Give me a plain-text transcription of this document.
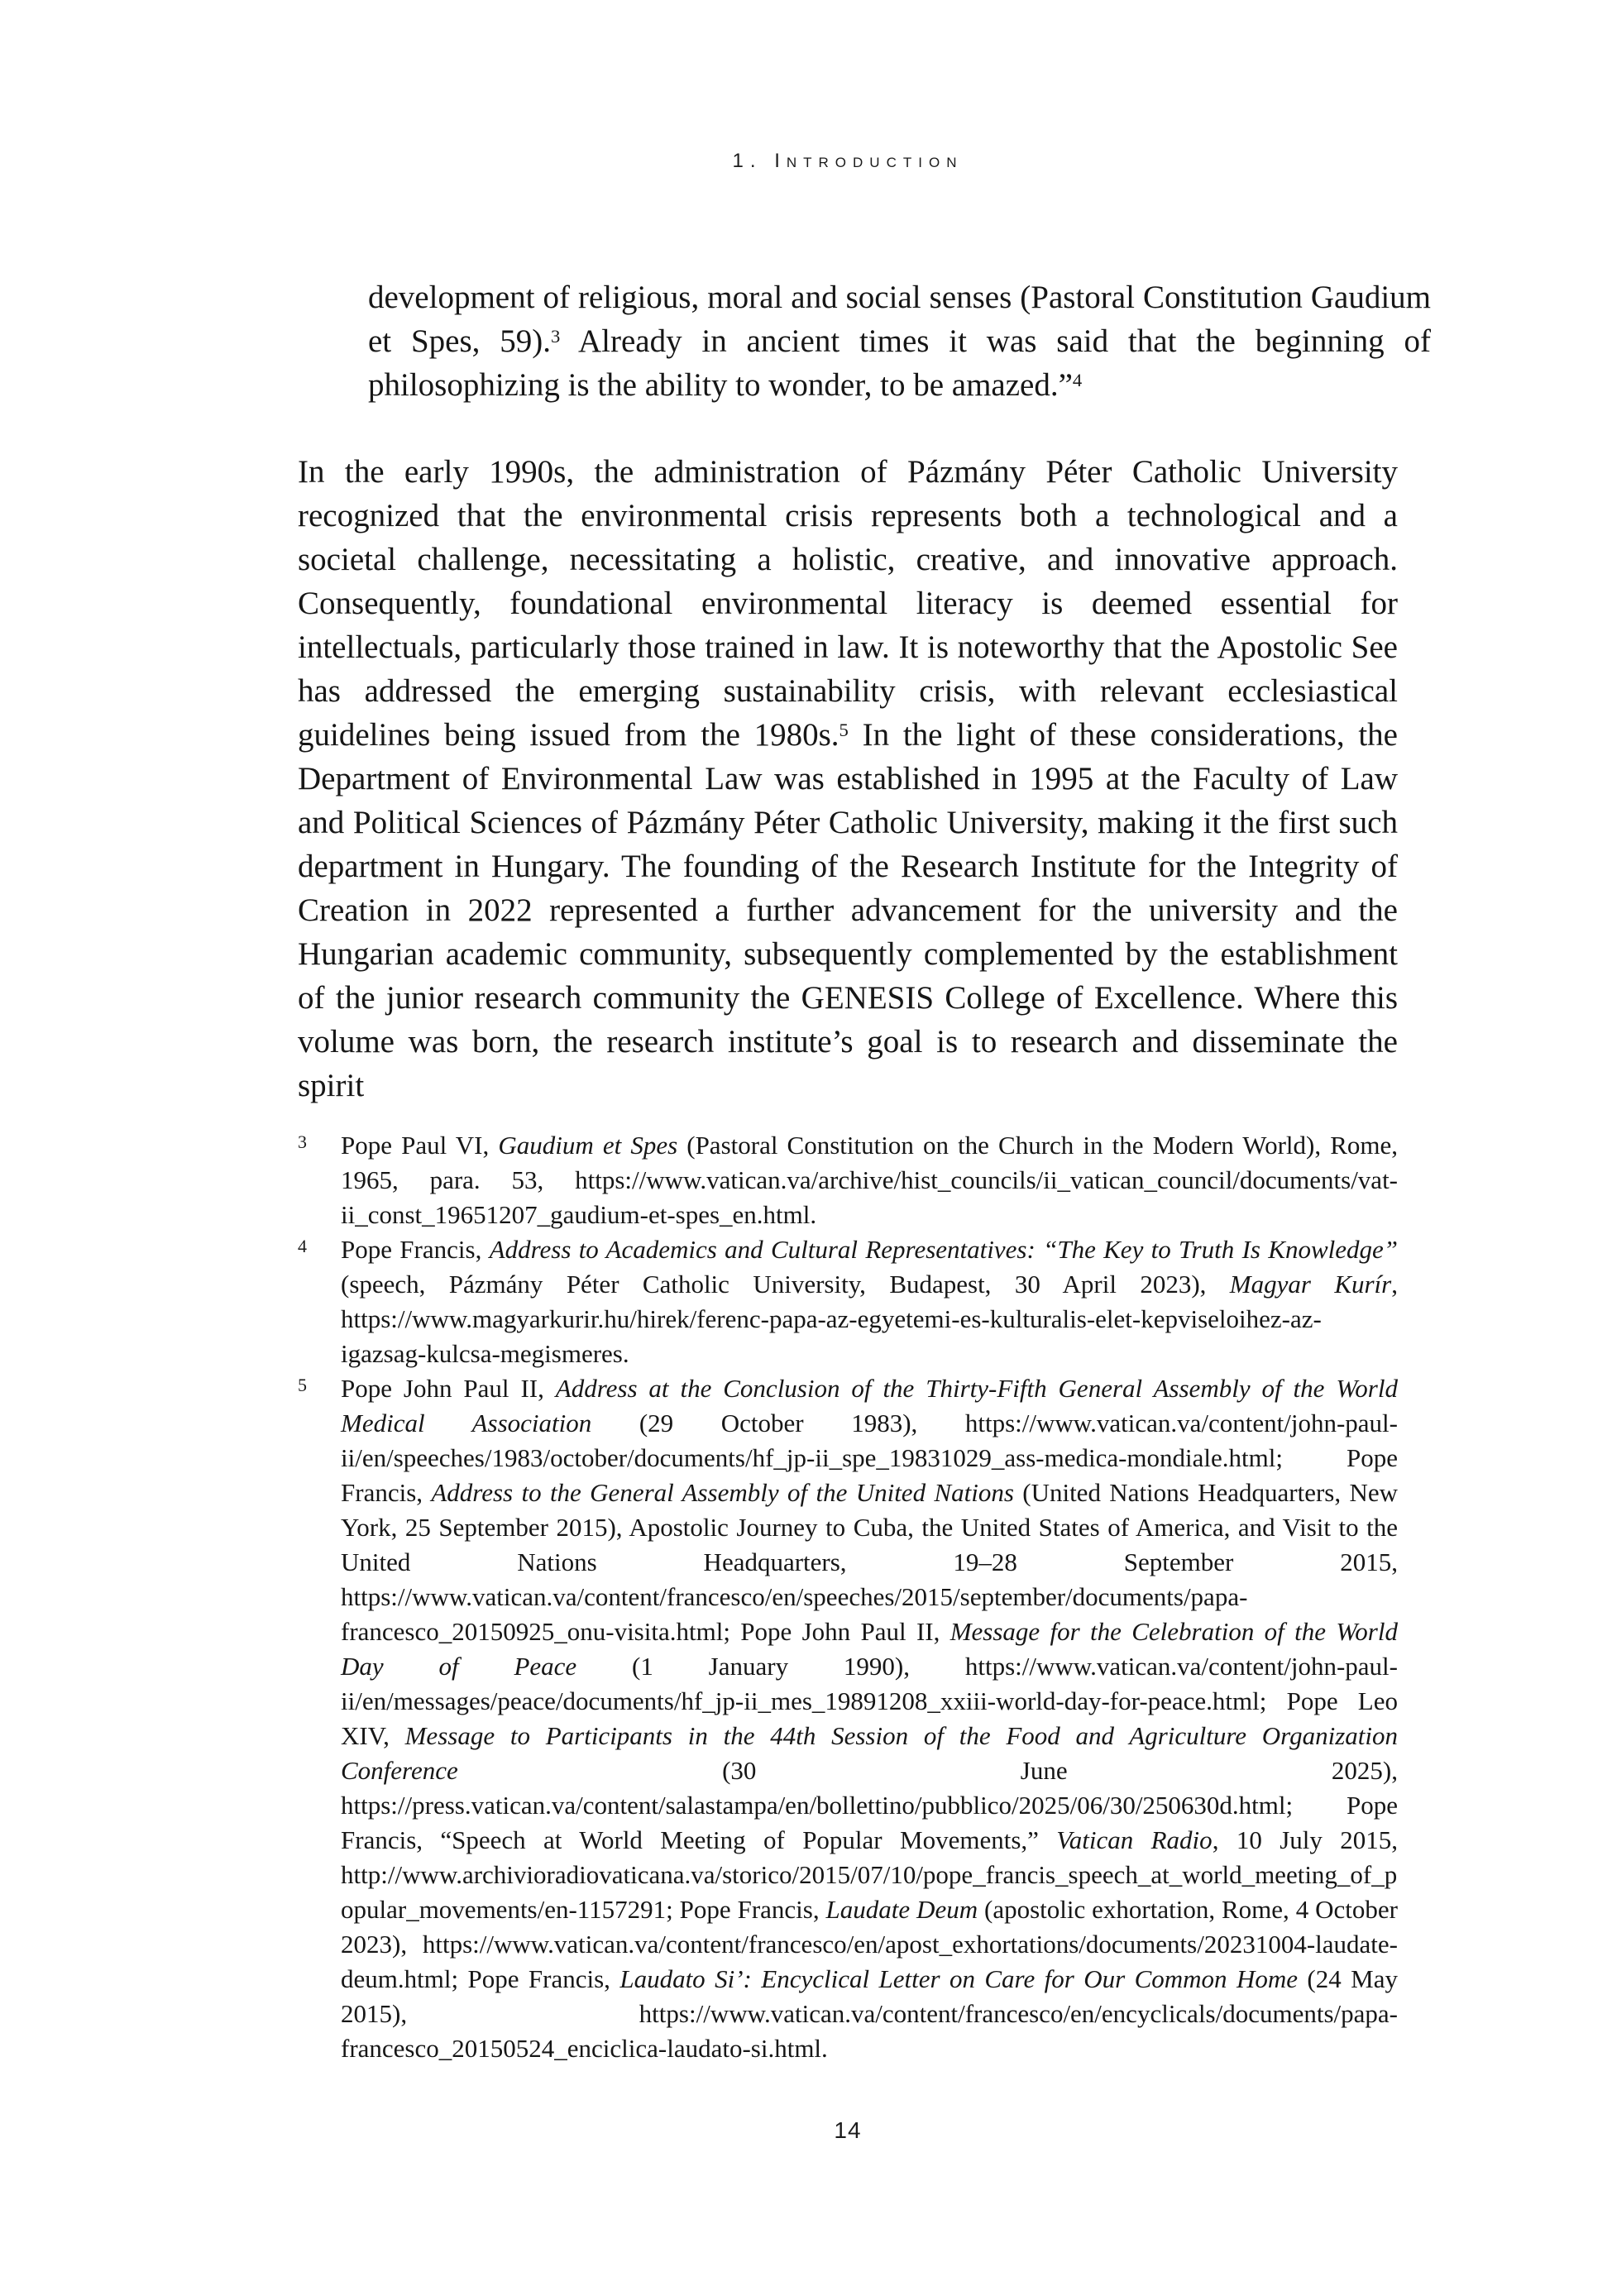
1. Introduction
development of religious, moral and social senses (Pastoral Constitution Gaudium et Spes, 59).$^3$ Already in ancient times it was said that the beginning of philosophizing is the ability to wonder, to be amazed.”$^4$

In the early 1990s, the administration of Pázmány Péter Catholic University recognized that the environmental crisis represents both a technological and a societal challenge, necessitating a holistic, creative, and innovative approach. Consequently, foundational environmental literacy is deemed essential for intellectuals, particularly those trained in law. It is noteworthy that the Apostolic See has addressed the emerging sustainability crisis, with relevant ecclesiastical guidelines being issued from the 1980s.$^5$ In the light of these considerations, the Department of Environmental Law was established in 1995 at the Faculty of Law and Political Sciences of Pázmány Péter Catholic University, making it the first such department in Hungary. The founding of the Research Institute for the Integrity of Creation in 2022 represented a further advancement for the university and the Hungarian academic community, subsequently complemented by the establishment of the junior research community the GENESIS College of Excellence. Where this volume was born, the research institute’s goal is to research and disseminate the spirit

3 Pope Paul VI, Gaudium et Spes (Pastoral Constitution on the Church in the Modern World), Rome, 1965, para. 53, https://www.vatican.va/archive/hist_councils/ii_vatican_council/documents/vat-ii_const_19651207_gaudium-et-spes_en.html.
4 Pope Francis, Address to Academics and Cultural Representatives: “The Key to Truth Is Knowledge” (speech, Pázmány Péter Catholic University, Budapest, 30 April 2023), Magyar Kurír, https://www.magyarkurir.hu/hirek/ferenc-papa-az-egyetemi-es-kulturalis-elet-kepviseloihez-az-igazsag-kulcsa-megismeres.
5 Pope John Paul II, Address at the Conclusion of the Thirty-Fifth General Assembly of the World Medical Association (29 October 1983), https://www.vatican.va/content/john-paul-ii/en/speeches/1983/october/documents/hf_jp-ii_spe_19831029_ass-medica-mondiale.html; Pope Francis, Address to the General Assembly of the United Nations (United Nations Headquarters, New York, 25 September 2015), Apostolic Journey to Cuba, the United States of America, and Visit to the United Nations Headquarters, 19–28 September 2015, https://www.vatican.va/content/francesco/en/speeches/2015/september/documents/papa-francesco_20150925_onu-visita.html; Pope John Paul II, Message for the Celebration of the World Day of Peace (1 January 1990), https://www.vatican.va/content/john-paul-ii/en/messages/peace/documents/hf_jp-ii_mes_19891208_xxiii-world-day-for-peace.html; Pope Leo XIV, Message to Participants in the 44th Session of the Food and Agriculture Organization Conference (30 June 2025), https://press.vatican.va/content/salastampa/en/bollettino/pubblico/2025/06/30/250630d.html; Pope Francis, “Speech at World Meeting of Popular Movements,” Vatican Radio, 10 July 2015, http://www.archivioradiovaticana.va/storico/2015/07/10/pope_francis_speech_at_world_meeting_of_popular_movements/en-1157291; Pope Francis, Laudate Deum (apostolic exhortation, Rome, 4 October 2023), https://www.vatican.va/content/francesco/en/apost_exhortations/documents/20231004-laudate-deum.html; Pope Francis, Laudato Si’: Encyclical Letter on Care for Our Common Home (24 May 2015), https://www.vatican.va/content/francesco/en/encyclicals/documents/papa-francesco_20150524_enciclica-laudato-si.html.
14
